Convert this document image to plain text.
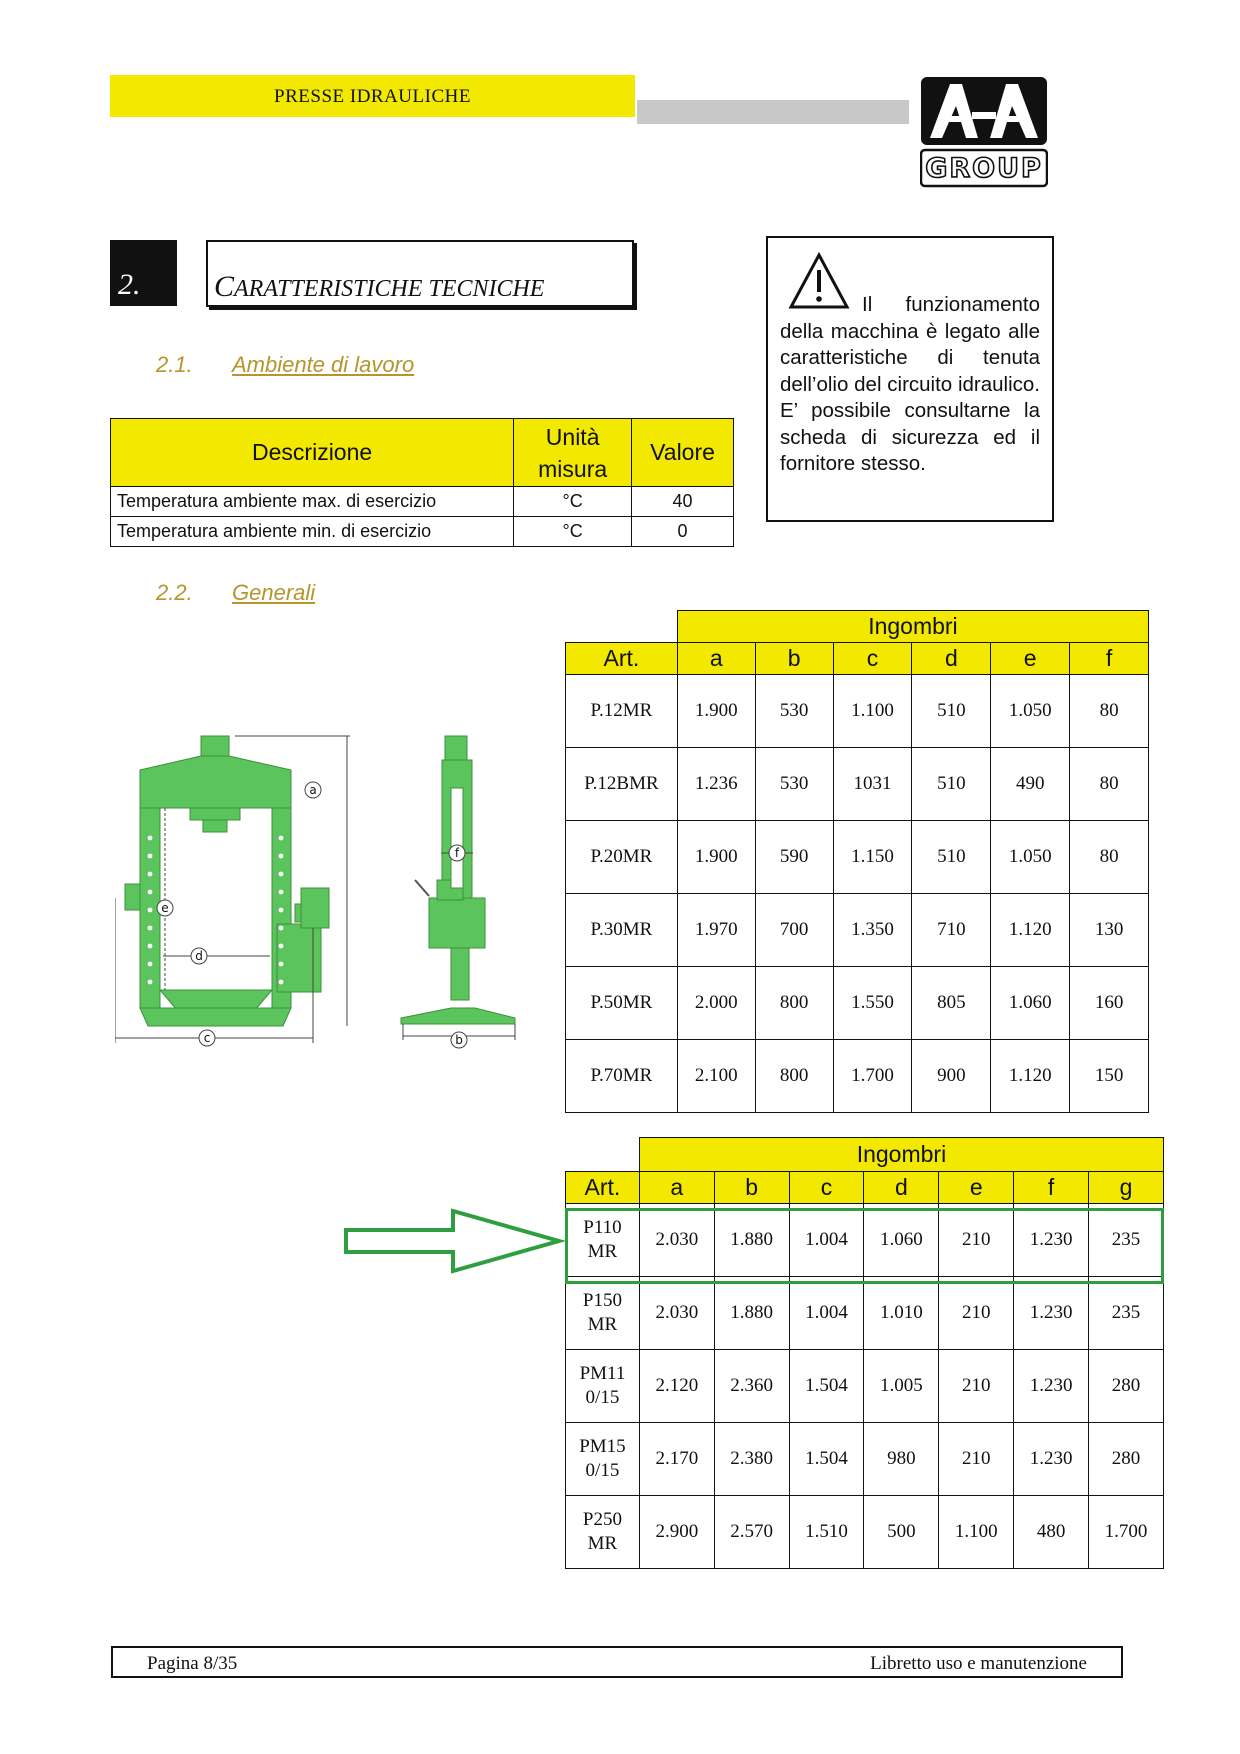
PRESSE IDRAULICHE
GROUP
2.	CARATTERISTICHE TECNICHE
2.1. Ambiente di lavoro
Il funzionamento della macchina è legato alle caratteristiche di tenuta dell’olio del circuito idraulico. E’ possibile consultarne la scheda di sicurezza ed il fornitore stesso.
Descrizione	Unità misura	Valore
Temperatura ambiente max. di esercizio	°C	40
Temperatura ambiente min. di esercizio	°C	0
2.2. Generali
a
e
d
c	b
f
	Ingombri					
Art.	a	b	c	d	e	f
P.12MR	1.900	530	1.100	510	1.050	80
P.12BMR	1.236	530	1031	510	490	80
P.20MR	1.900	590	1.150	510	1.050	80
P.30MR	1.970	700	1.350	710	1.120	130
P.50MR	2.000	800	1.550	805	1.060	160
P.70MR	2.100	800	1.700	900	1.120	150
	Ingombri						
Art.	a	b	c	d	e	f	g
P110
MR	2.030	1.880	1.004	1.060	210	1.230	235
P150
MR	2.030	1.880	1.004	1.010	210	1.230	235
PM11
0/15	2.120	2.360	1.504	1.005	210	1.230	280
PM15
0/15	2.170	2.380	1.504	980	210	1.230	280
P250
MR	2.900	2.570	1.510	500	1.100	480	1.700
Pagina 8/35	Libretto uso e manutenzione
